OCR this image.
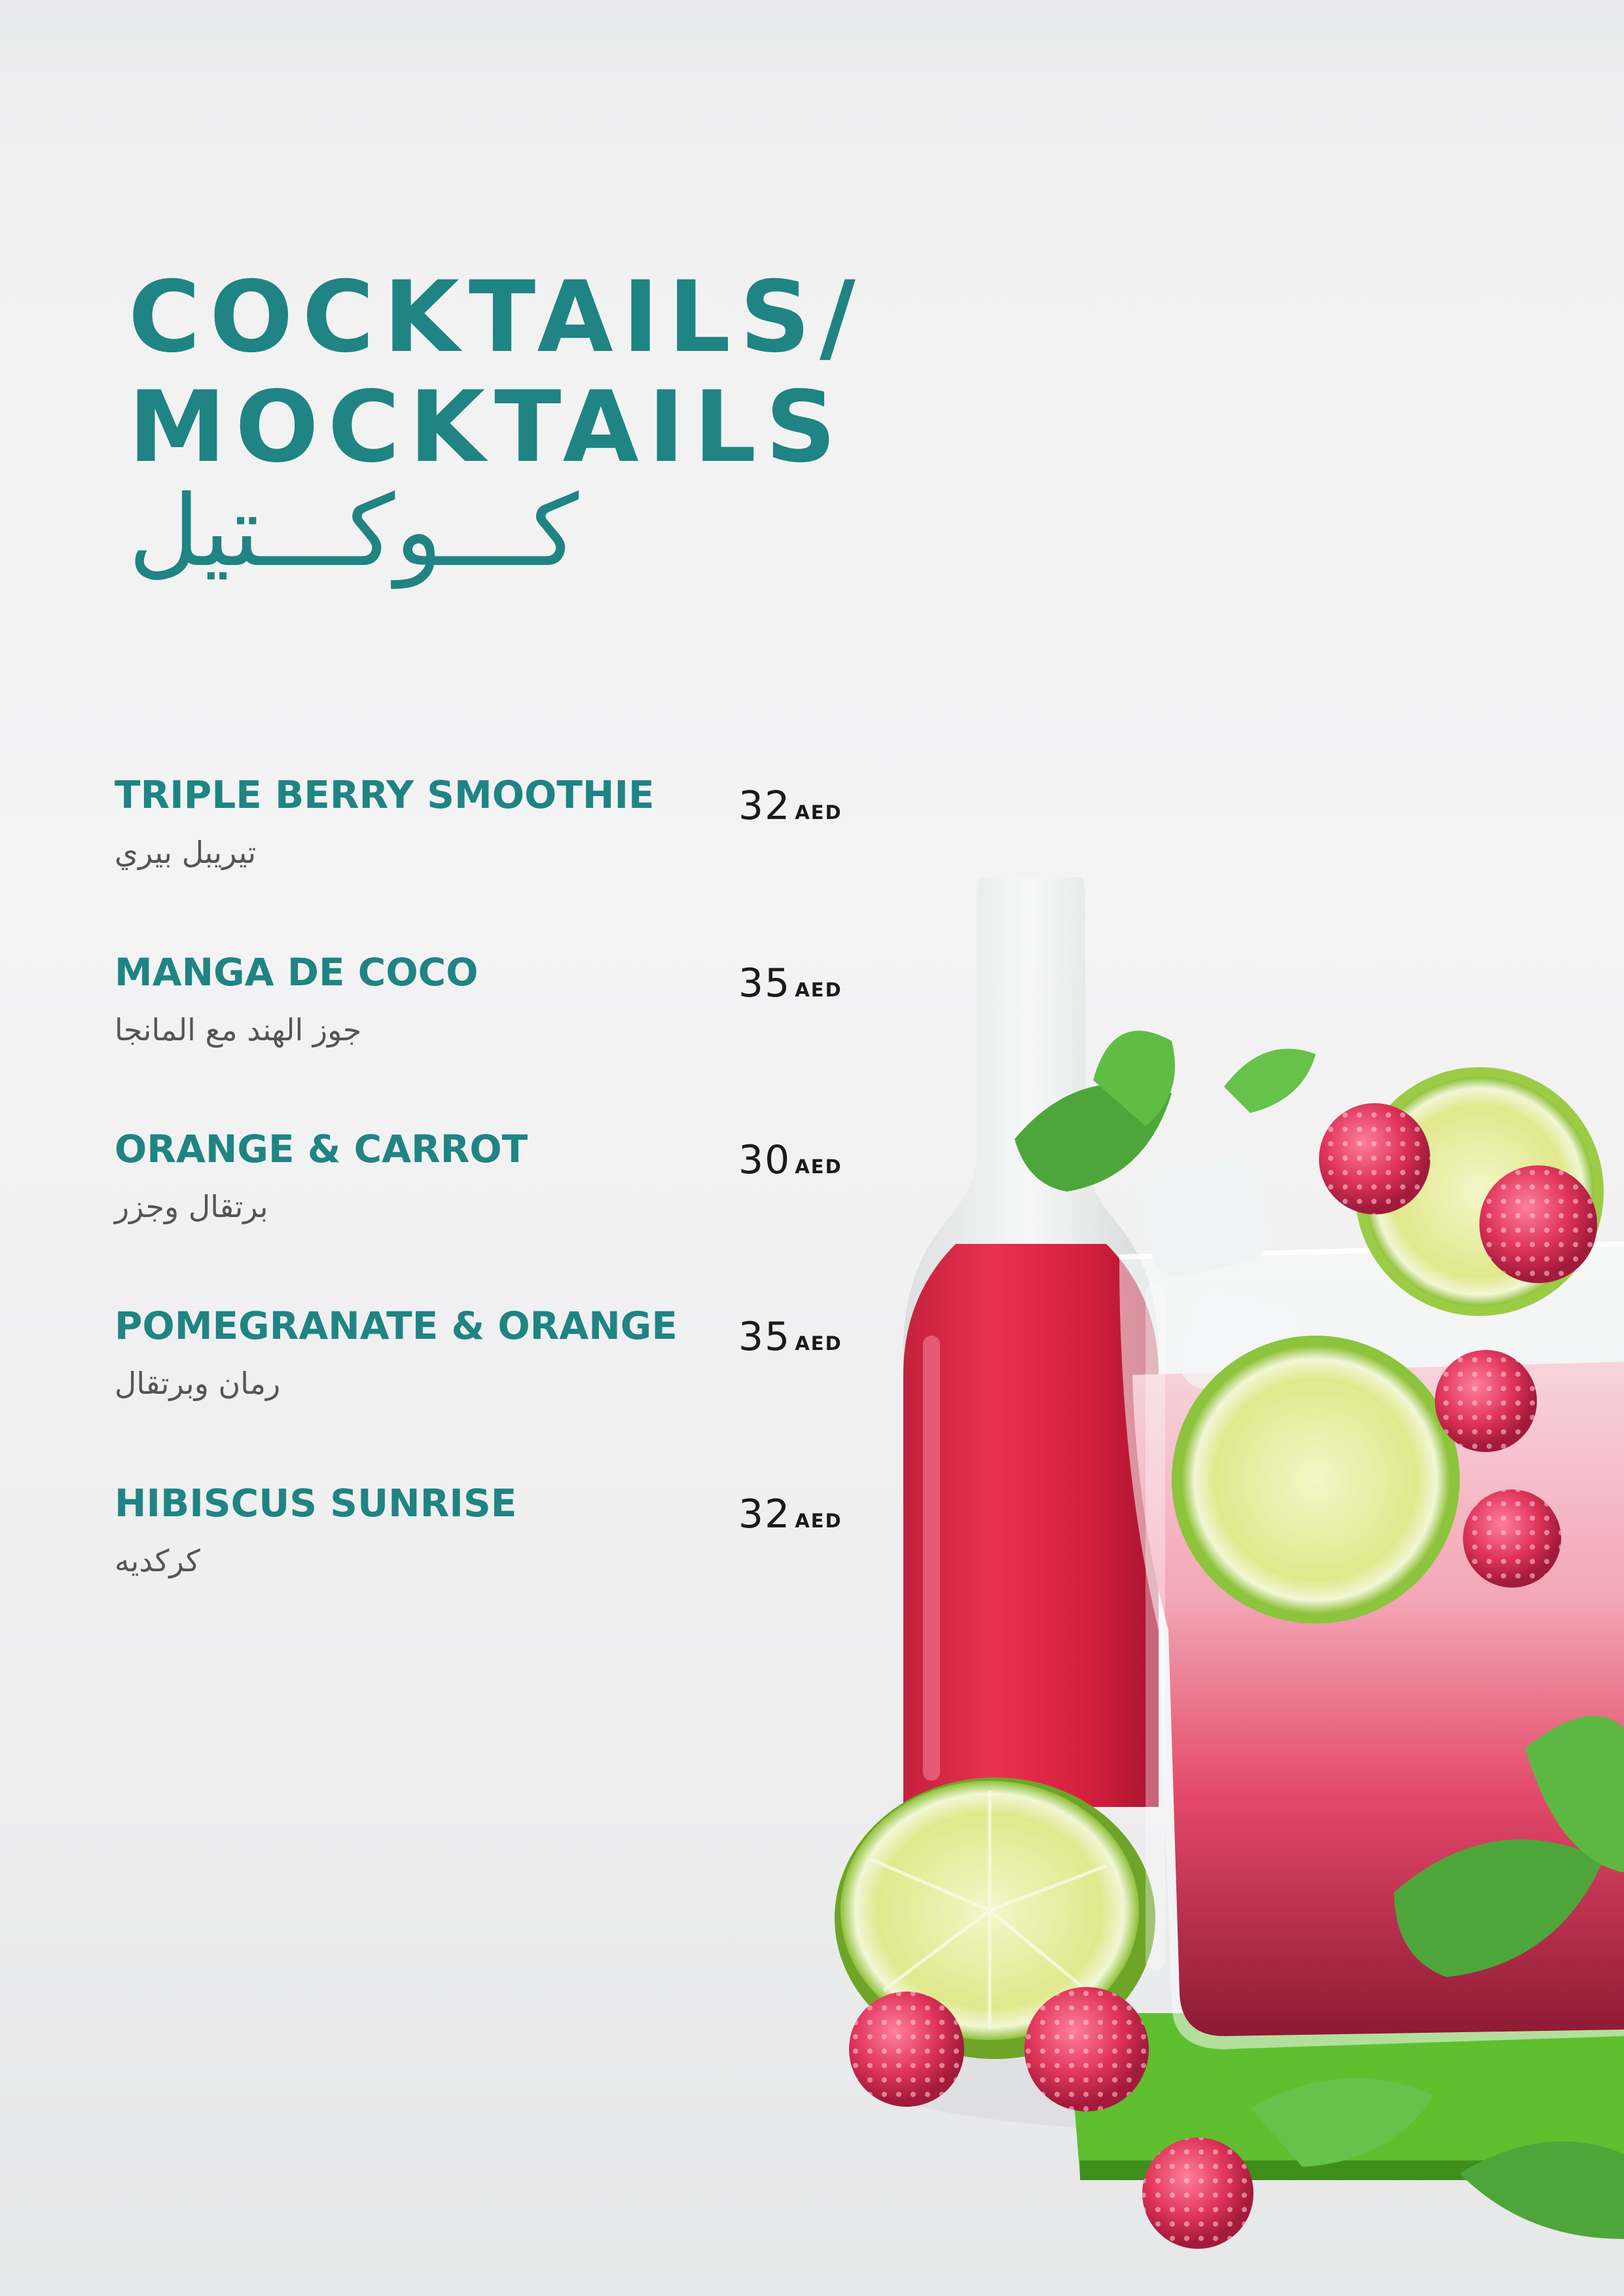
COCKTAILS/
MOCKTAILS
كـــوكـــتيل
TRIPLE BERRY SMOOTHIE
تيريبل بيري
32 AED
MANGA DE COCO
جوز الهند مع المانجا
35 AED
ORANGE & CARROT
برتقال وجزر
30 AED
POMEGRANATE & ORANGE
رمان وبرتقال
35 AED
HIBISCUS SUNRISE
كركديه
32 AED
